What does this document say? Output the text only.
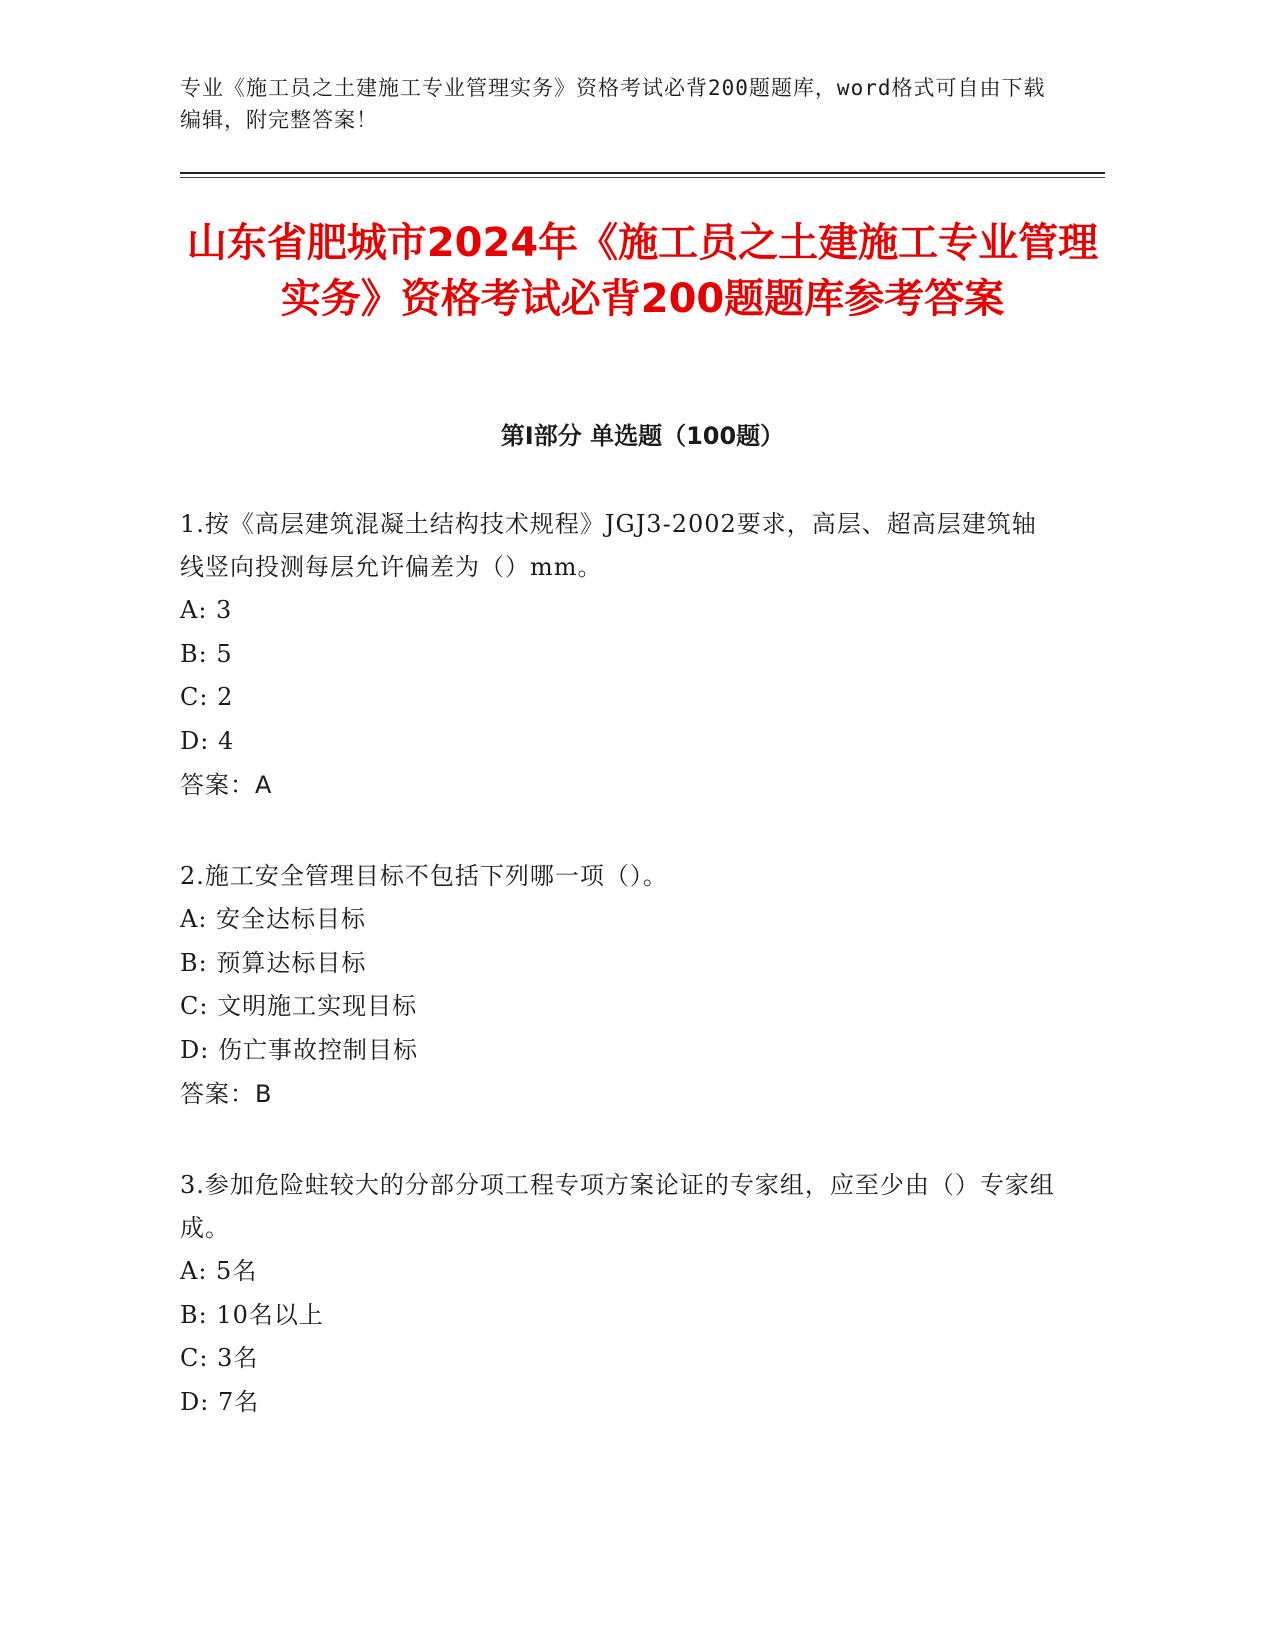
专业《施工员之土建施工专业管理实务》资格考试必背200题题库，word格式可自由下载编辑，附完整答案！
山东省肥城市2024年《施工员之土建施工专业管理实务》资格考试必背200题题库参考答案
第I部分 单选题（100题）
1.按《高层建筑混凝土结构技术规程》JGJ3-2002要求，高层、超高层建筑轴线竖向投测每层允许偏差为（）mm。
A: 3
B: 5
C: 2
D: 4
答案：A
2.施工安全管理目标不包括下列哪一项（）。
A: 安全达标目标
B: 预算达标目标
C: 文明施工实现目标
D: 伤亡事故控制目标
答案：B
3.参加危险蛀较大的分部分项工程专项方案论证的专家组，应至少由（）专家组成。
A: 5名
B: 10名以上
C: 3名
D: 7名
